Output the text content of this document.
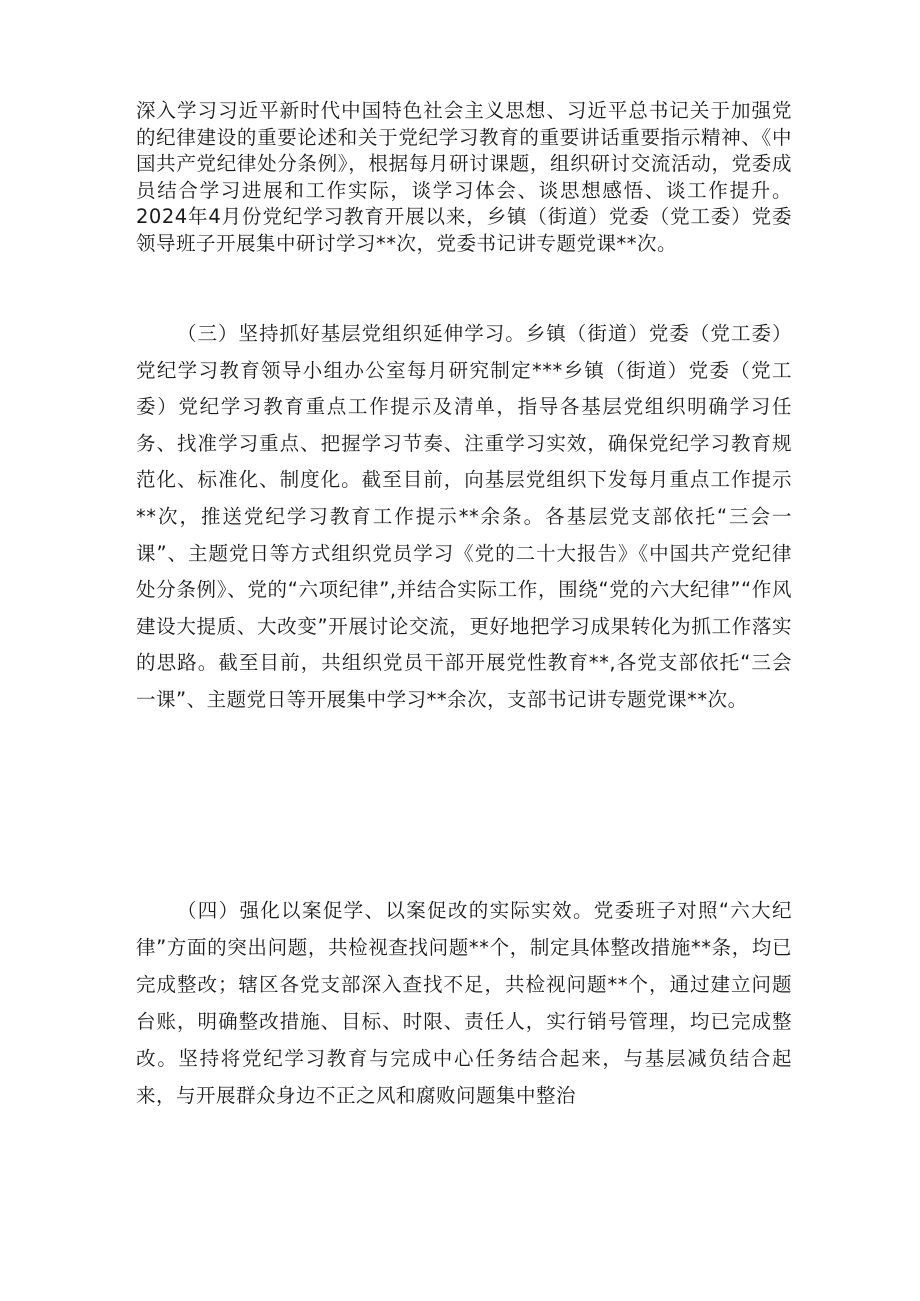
深入学习习近平新时代中国特色社会主义思想、习近平总书记关于加强党的纪律建设的重要论述和关于党纪学习教育的重要讲话重要指示精神、《中国共产党纪律处分条例》，根据每月研讨课题，组织研讨交流活动，党委成员结合学习进展和工作实际，谈学习体会、谈思想感悟、谈工作提升。2024年4月份党纪学习教育开展以来，乡镇（街道）党委（党工委）党委领导班子开展集中研讨学习**次，党委书记讲专题党课**次。

（三）坚持抓好基层党组织延伸学习。乡镇（街道）党委（党工委）党纪学习教育领导小组办公室每月研究制定***乡镇（街道）党委（党工委）党纪学习教育重点工作提示及清单，指导各基层党组织明确学习任务、找准学习重点、把握学习节奏、注重学习实效，确保党纪学习教育规范化、标准化、制度化。截至目前，向基层党组织下发每月重点工作提示**次，推送党纪学习教育工作提示**余条。各基层党支部依托“三会一课”、主题党日等方式组织党员学习《党的二十大报告》《中国共产党纪律处分条例》、党的“六项纪律”,并结合实际工作，围绕“党的六大纪律”“作风建设大提质、大改变”开展讨论交流，更好地把学习成果转化为抓工作落实的思路。截至目前，共组织党员干部开展党性教育**,各党支部依托“三会一课”、主题党日等开展集中学习**余次，支部书记讲专题党课**次。

（四）强化以案促学、以案促改的实际实效。党委班子对照“六大纪律”方面的突出问题，共检视查找问题**个，制定具体整改措施**条，均已完成整改；辖区各党支部深入查找不足，共检视问题**个，通过建立问题台账，明确整改措施、目标、时限、责任人，实行销号管理，均已完成整改。坚持将党纪学习教育与完成中心任务结合起来，与基层减负结合起来，与开展群众身边不正之风和腐败问题集中整治
